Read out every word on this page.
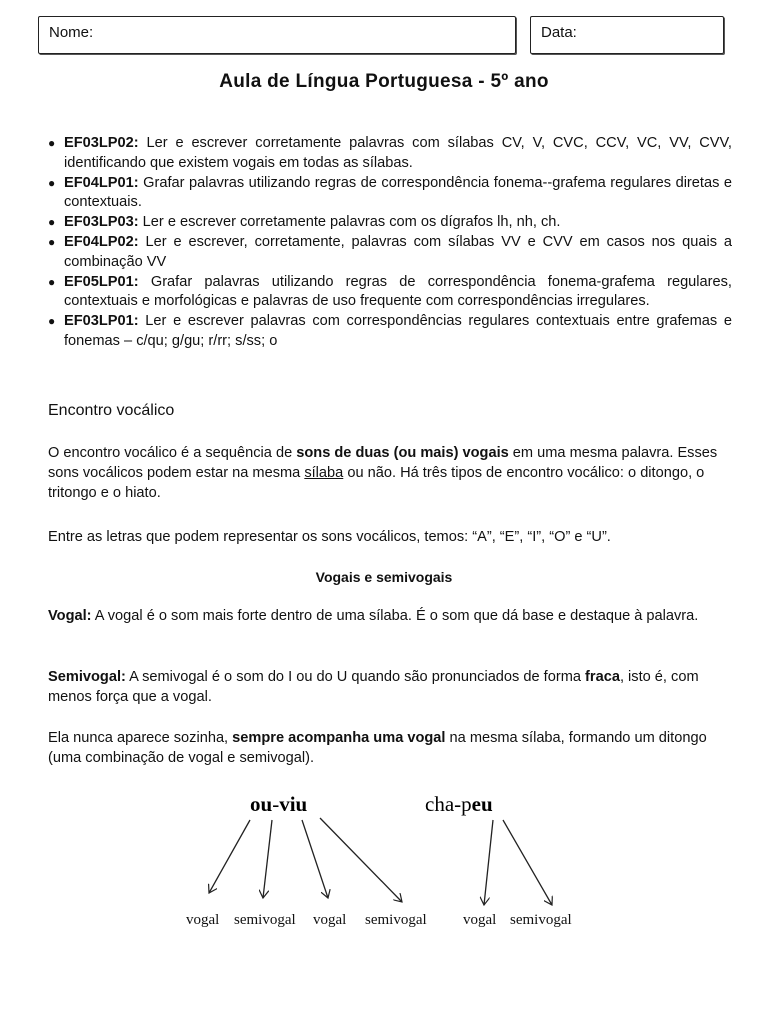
Nome:	Data:
Aula de Língua Portuguesa - 5º ano
● EF03LP02: Ler e escrever corretamente palavras com sílabas CV, V, CVC, CCV, VC, VV, CVV, identificando que existem vogais em todas as sílabas.
● EF04LP01: Grafar palavras utilizando regras de correspondência fonema--grafema regulares diretas e contextuais.
● EF03LP03: Ler e escrever corretamente palavras com os dígrafos lh, nh, ch.
● EF04LP02: Ler e escrever, corretamente, palavras com sílabas VV e CVV em casos nos quais a combinação VV
● EF05LP01: Grafar palavras utilizando regras de correspondência fonema-grafema regulares, contextuais e morfológicas e palavras de uso frequente com correspondências irregulares.
● EF03LP01: Ler e escrever palavras com correspondências regulares contextuais entre grafemas e fonemas – c/qu; g/gu; r/rr; s/ss; o
Encontro vocálico
O encontro vocálico é a sequência de sons de duas (ou mais) vogais em uma mesma palavra. Esses sons vocálicos podem estar na mesma sílaba ou não. Há três tipos de encontro vocálico: o ditongo, o tritongo e o hiato.
Entre as letras que podem representar os sons vocálicos, temos: “A”, “E”, “I”, “O” e “U”.
Vogais e semivogais
Vogal: A vogal é o som mais forte dentro de uma sílaba. É o som que dá base e destaque à palavra.
Semivogal: A semivogal é o som do I ou do U quando são pronunciados de forma fraca, isto é, com menos força que a vogal.
Ela nunca aparece sozinha, sempre acompanha uma vogal na mesma sílaba, formando um ditongo (uma combinação de vogal e semivogal).
ou-viu	cha-peu
vogal semivogal vogal semivogal vogal semivogal
